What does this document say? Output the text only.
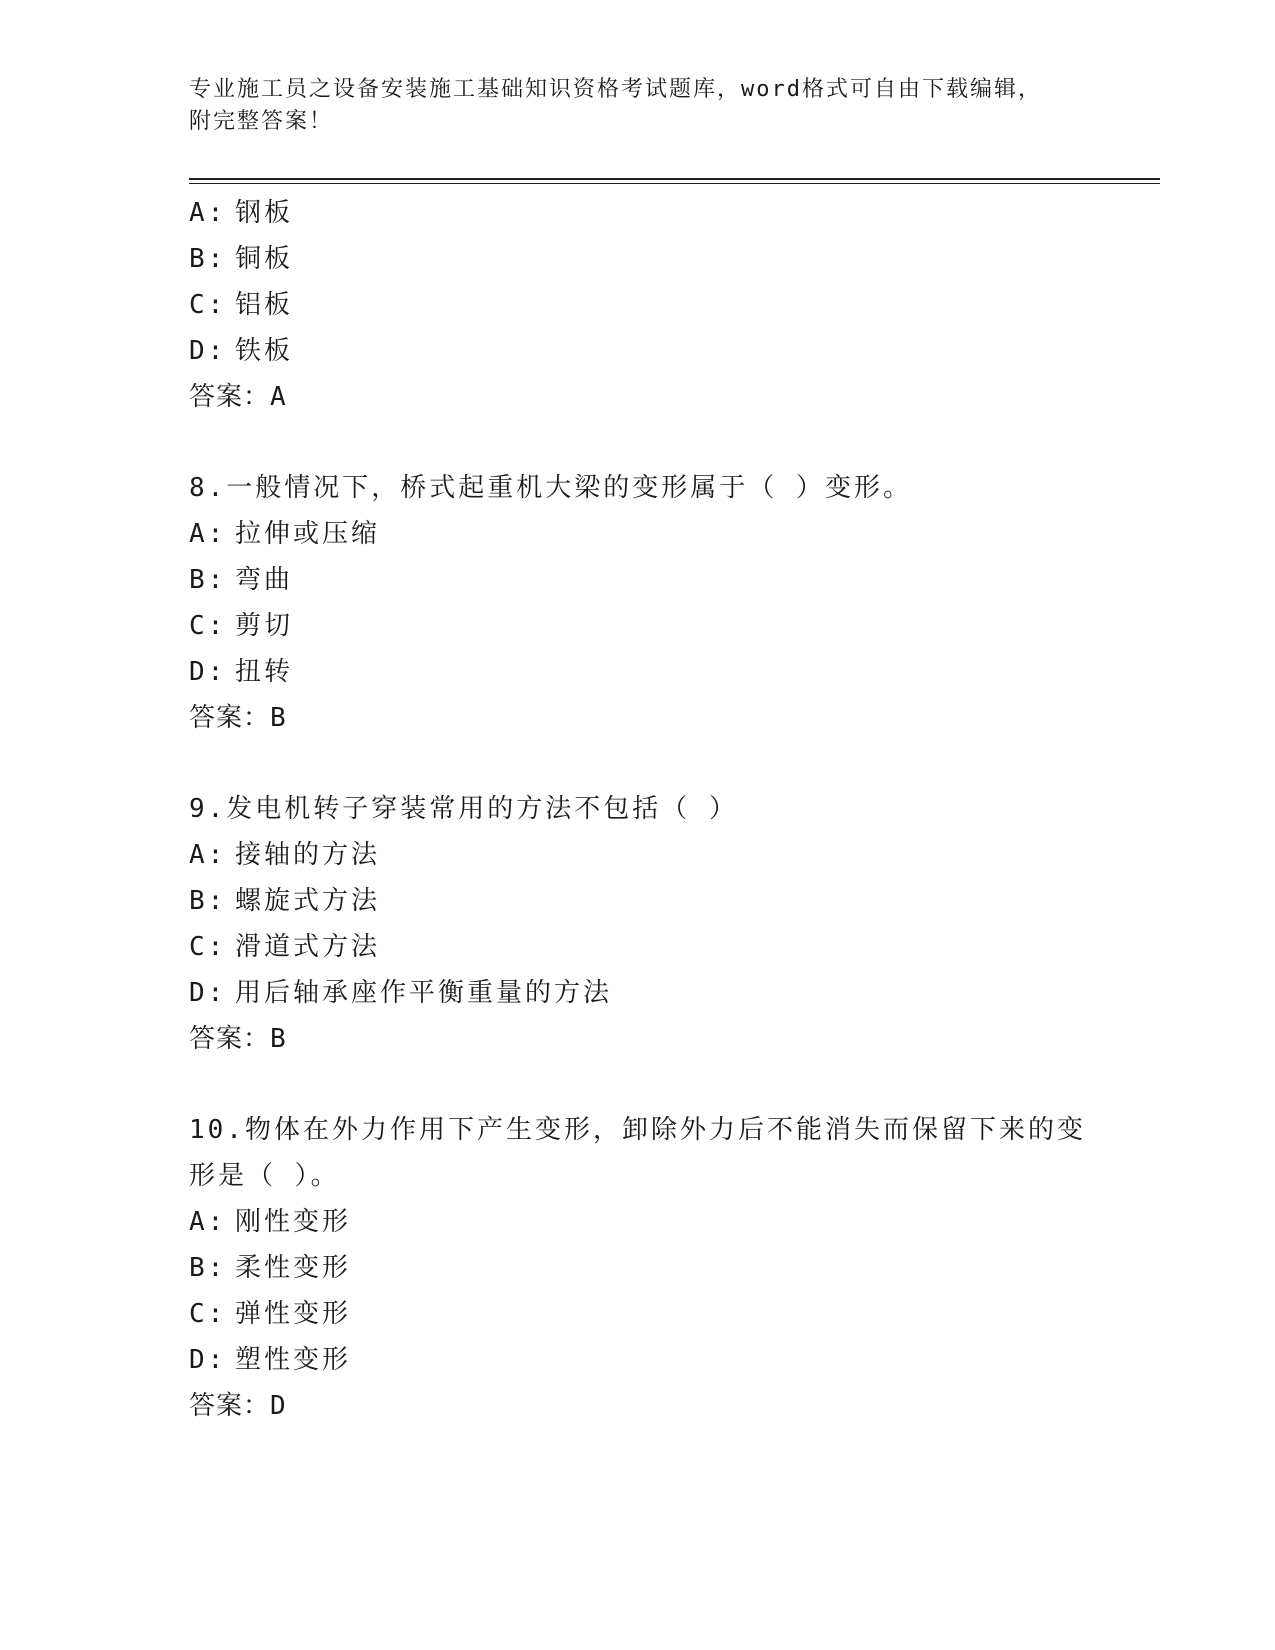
专业施工员之设备安装施工基础知识资格考试题库，word格式可自由下载编辑，
附完整答案！
A: 钢板
B: 铜板
C: 铝板
D: 铁板
答案：A
8.一般情况下，桥式起重机大梁的变形属于（ ）变形。
A: 拉伸或压缩
B: 弯曲
C: 剪切
D: 扭转
答案：B
9.发电机转子穿装常用的方法不包括（ ）
A: 接轴的方法
B: 螺旋式方法
C: 滑道式方法
D: 用后轴承座作平衡重量的方法
答案：B
10.物体在外力作用下产生变形，卸除外力后不能消失而保留下来的变
形是（ ）。
A: 刚性变形
B: 柔性变形
C: 弹性变形
D: 塑性变形
答案：D
